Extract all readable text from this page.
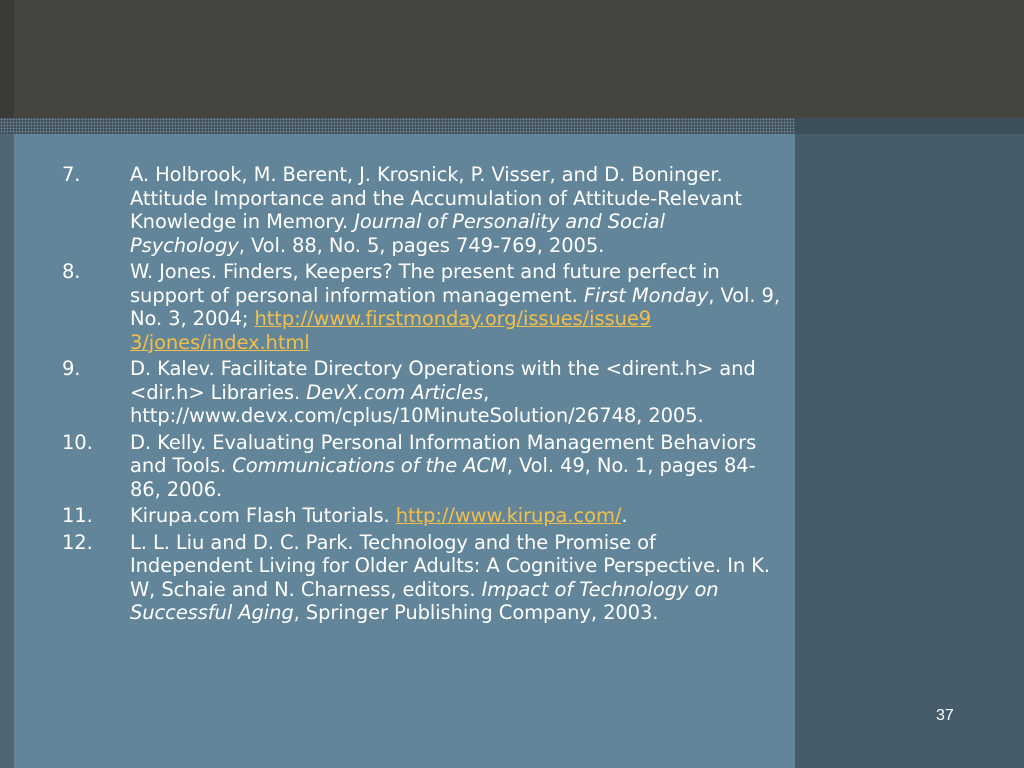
7.	A. Holbrook, M. Berent, J. Krosnick, P. Visser, and D. Boninger. Attitude Importance and the Accumulation of Attitude-Relevant Knowledge in Memory. Journal of Personality and Social Psychology, Vol. 88, No. 5, pages 749-769, 2005.
8.	W. Jones. Finders, Keepers? The present and future perfect in support of personal information management. First Monday, Vol. 9, No. 3, 2004; http://www.firstmonday.org/issues/issue9 3/jones/index.html
9.	D. Kalev. Facilitate Directory Operations with the <dirent.h> and <dir.h> Libraries. DevX.com Articles, http://www.devx.com/cplus/10MinuteSolution/26748, 2005.
10. D. Kelly. Evaluating Personal Information Management Behaviors and Tools. Communications of the ACM, Vol. 49, No. 1, pages 84-86, 2006.
11. Kirupa.com Flash Tutorials. http://www.kirupa.com/.
12. L. L. Liu and D. C. Park. Technology and the Promise of Independent Living for Older Adults: A Cognitive Perspective. In K. W, Schaie and N. Charness, editors. Impact of Technology on Successful Aging, Springer Publishing Company, 2003.
37
